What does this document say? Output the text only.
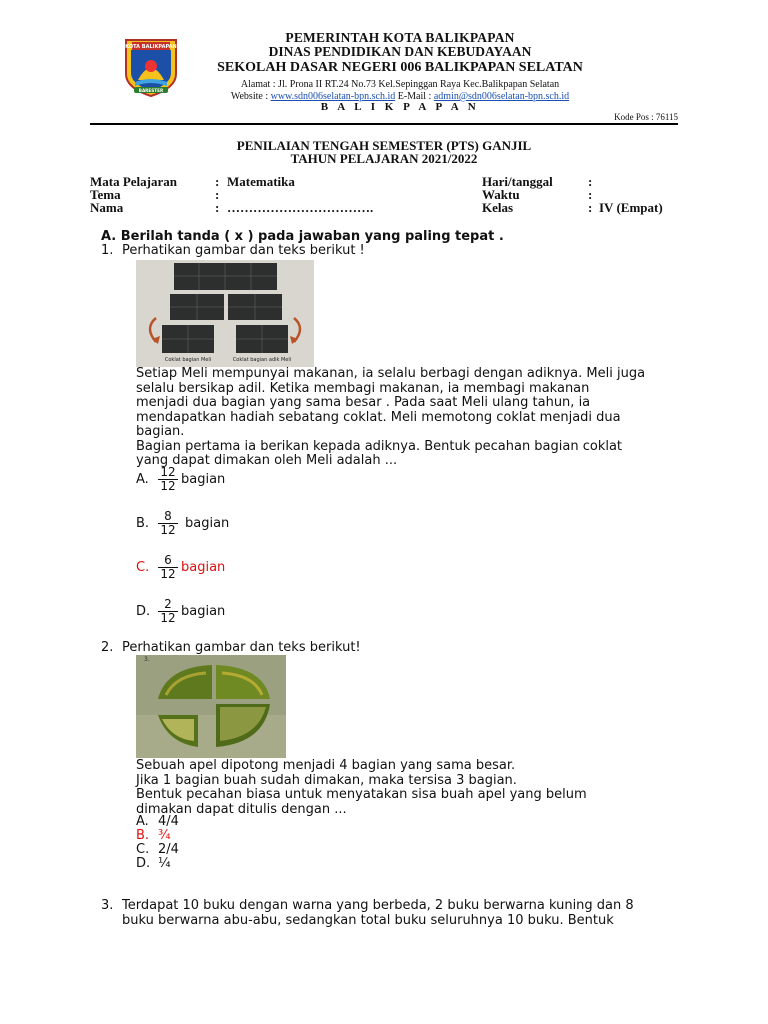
KOTA BALIKPAPAN
BARESTER
PEMERINTAH KOTA BALIKPAPAN
DINAS PENDIDIKAN DAN KEBUDAYAAN
SEKOLAH DASAR NEGERI 006 BALIKPAPAN SELATAN
Alamat : Jl. Prona II RT.24 No.73 Kel.Sepinggan Raya Kec.Balikpapan Selatan
Website : www.sdn006selatan-bpn.sch.id E-Mail : admin@sdn006selatan-bpn.sch.id
B A L I K P A P A N
Kode Pos : 76115
PENILAIAN TENGAH SEMESTER (PTS) GANJIL
TAHUN PELAJARAN 2021/2022
Mata Pelajaran	: Matematika
Tema	:
Nama	: …………………………….
Hari/tanggal	:
Waktu	:
Kelas	: IV (Empat)
A. Berilah tanda ( x ) pada jawaban yang paling tepat .
1. Perhatikan gambar dan teks berikut !
Coklat bagian Meli	Coklat bagian adik Meli
Setiap Meli mempunyai makanan, ia selalu berbagi dengan adiknya. Meli juga
selalu bersikap adil. Ketika membagi makanan, ia membagi makanan
menjadi dua bagian yang sama besar . Pada saat Meli ulang tahun, ia
mendapatkan hadiah sebatang coklat. Meli memotong coklat menjadi dua
bagian.
Bagian pertama ia berikan kepada adiknya. Bentuk pecahan bagian coklat
yang dapat dimakan oleh Meli adalah ...
A. $\frac{12}{12}$ bagian
B. $\frac{8}{12}$ bagian
C. $\frac{6}{12}$ bagian
D. $\frac{2}{12}$ bagian
2. Perhatikan gambar dan teks berikut!
3.
Sebuah apel dipotong menjadi 4 bagian yang sama besar.
Jika 1 bagian buah sudah dimakan, maka tersisa 3 bagian.
Bentuk pecahan biasa untuk menyatakan sisa buah apel yang belum
dimakan dapat ditulis dengan ...
A. 4/4
B. ¾
C. 2/4
D. ¼
3. Terdapat 10 buku dengan warna yang berbeda, 2 buku berwarna kuning dan 8
buku berwarna abu-abu, sedangkan total buku seluruhnya 10 buku. Bentuk
